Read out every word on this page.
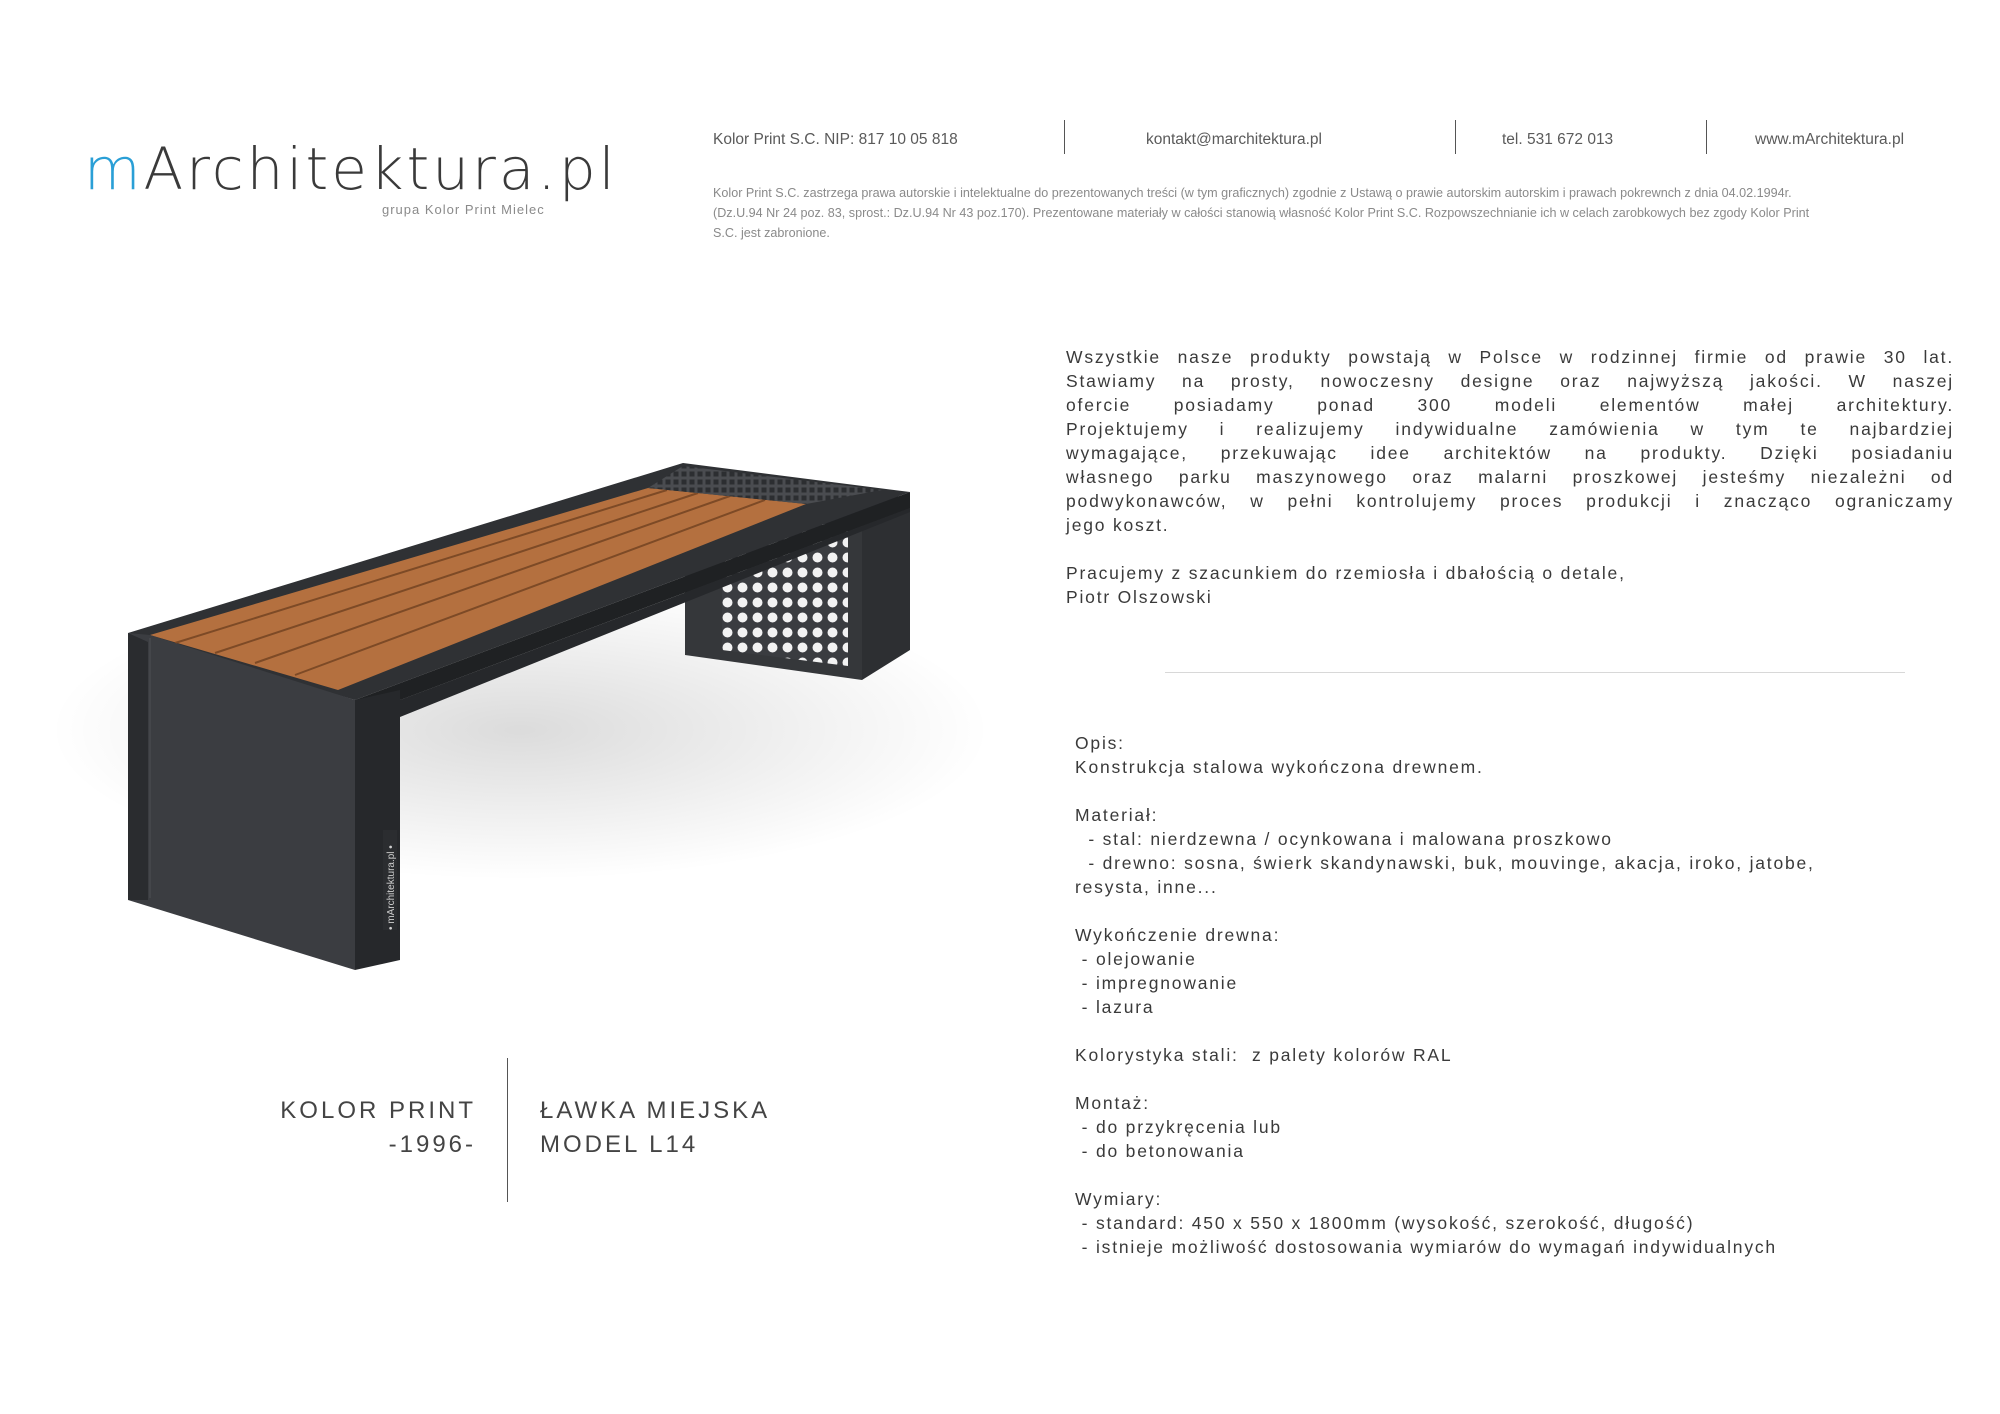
mArchitektura.pl
grupa Kolor Print Mielec
Kolor Print S.C. NIP: 817 10 05 818	kontakt@marchitektura.pl	tel. 531 672 013	www.mArchitektura.pl
Kolor Print S.C. zastrzega prawa autorskie i intelektualne do prezentowanych treści (w tym graficznych) zgodnie z Ustawą o prawie autorskim autorskim i prawach pokrewnch z dnia 04.02.1994r.
(Dz.U.94 Nr 24 poz. 83, sprost.: Dz.U.94 Nr 43 poz.170). Prezentowane materiały w całości stanowią własność Kolor Print S.C. Rozpowszechnianie ich w celach zarobkowych bez zgody Kolor Print
S.C. jest zabronione.
Wszystkie nasze produkty powstają w Polsce w rodzinnej firmie od prawie 30 lat.
Stawiamy na prosty, nowoczesny designe oraz najwyższą jakości. W naszej
ofercie posiadamy ponad 300 modeli elementów małej architektury.
Projektujemy i realizujemy indywidualne zamówienia w tym te najbardziej
wymagające, przekuwając idee architektów na produkty. Dzięki posiadaniu
własnego parku maszynowego oraz malarni proszkowej jesteśmy niezależni od
podwykonawców, w pełni kontrolujemy proces produkcji i znacząco ograniczamy
jego koszt.
Pracujemy z szacunkiem do rzemiosła i dbałością o detale,
Piotr Olszowski
Opis:
Konstrukcja stalowa wykończona drewnem.
Materiał:
- stal: nierdzewna / ocynkowana i malowana proszkowo
- drewno: sosna, świerk skandynawski, buk, mouvinge, akacja, iroko, jatobe,
resysta, inne...
Wykończenie drewna:
- olejowanie
- impregnowanie
- lazura
Kolorystyka stali:  z palety kolorów RAL
Montaż:
- do przykręcenia lub
- do betonowania
Wymiary:
- standard: 450 x 550 x 1800mm (wysokość, szerokość, długość)
- istnieje możliwość dostosowania wymiarów do wymagań indywidualnych
• mArchitektura.pl •
KOLOR PRINT
-1996-
ŁAWKA MIEJSKA
MODEL L14
